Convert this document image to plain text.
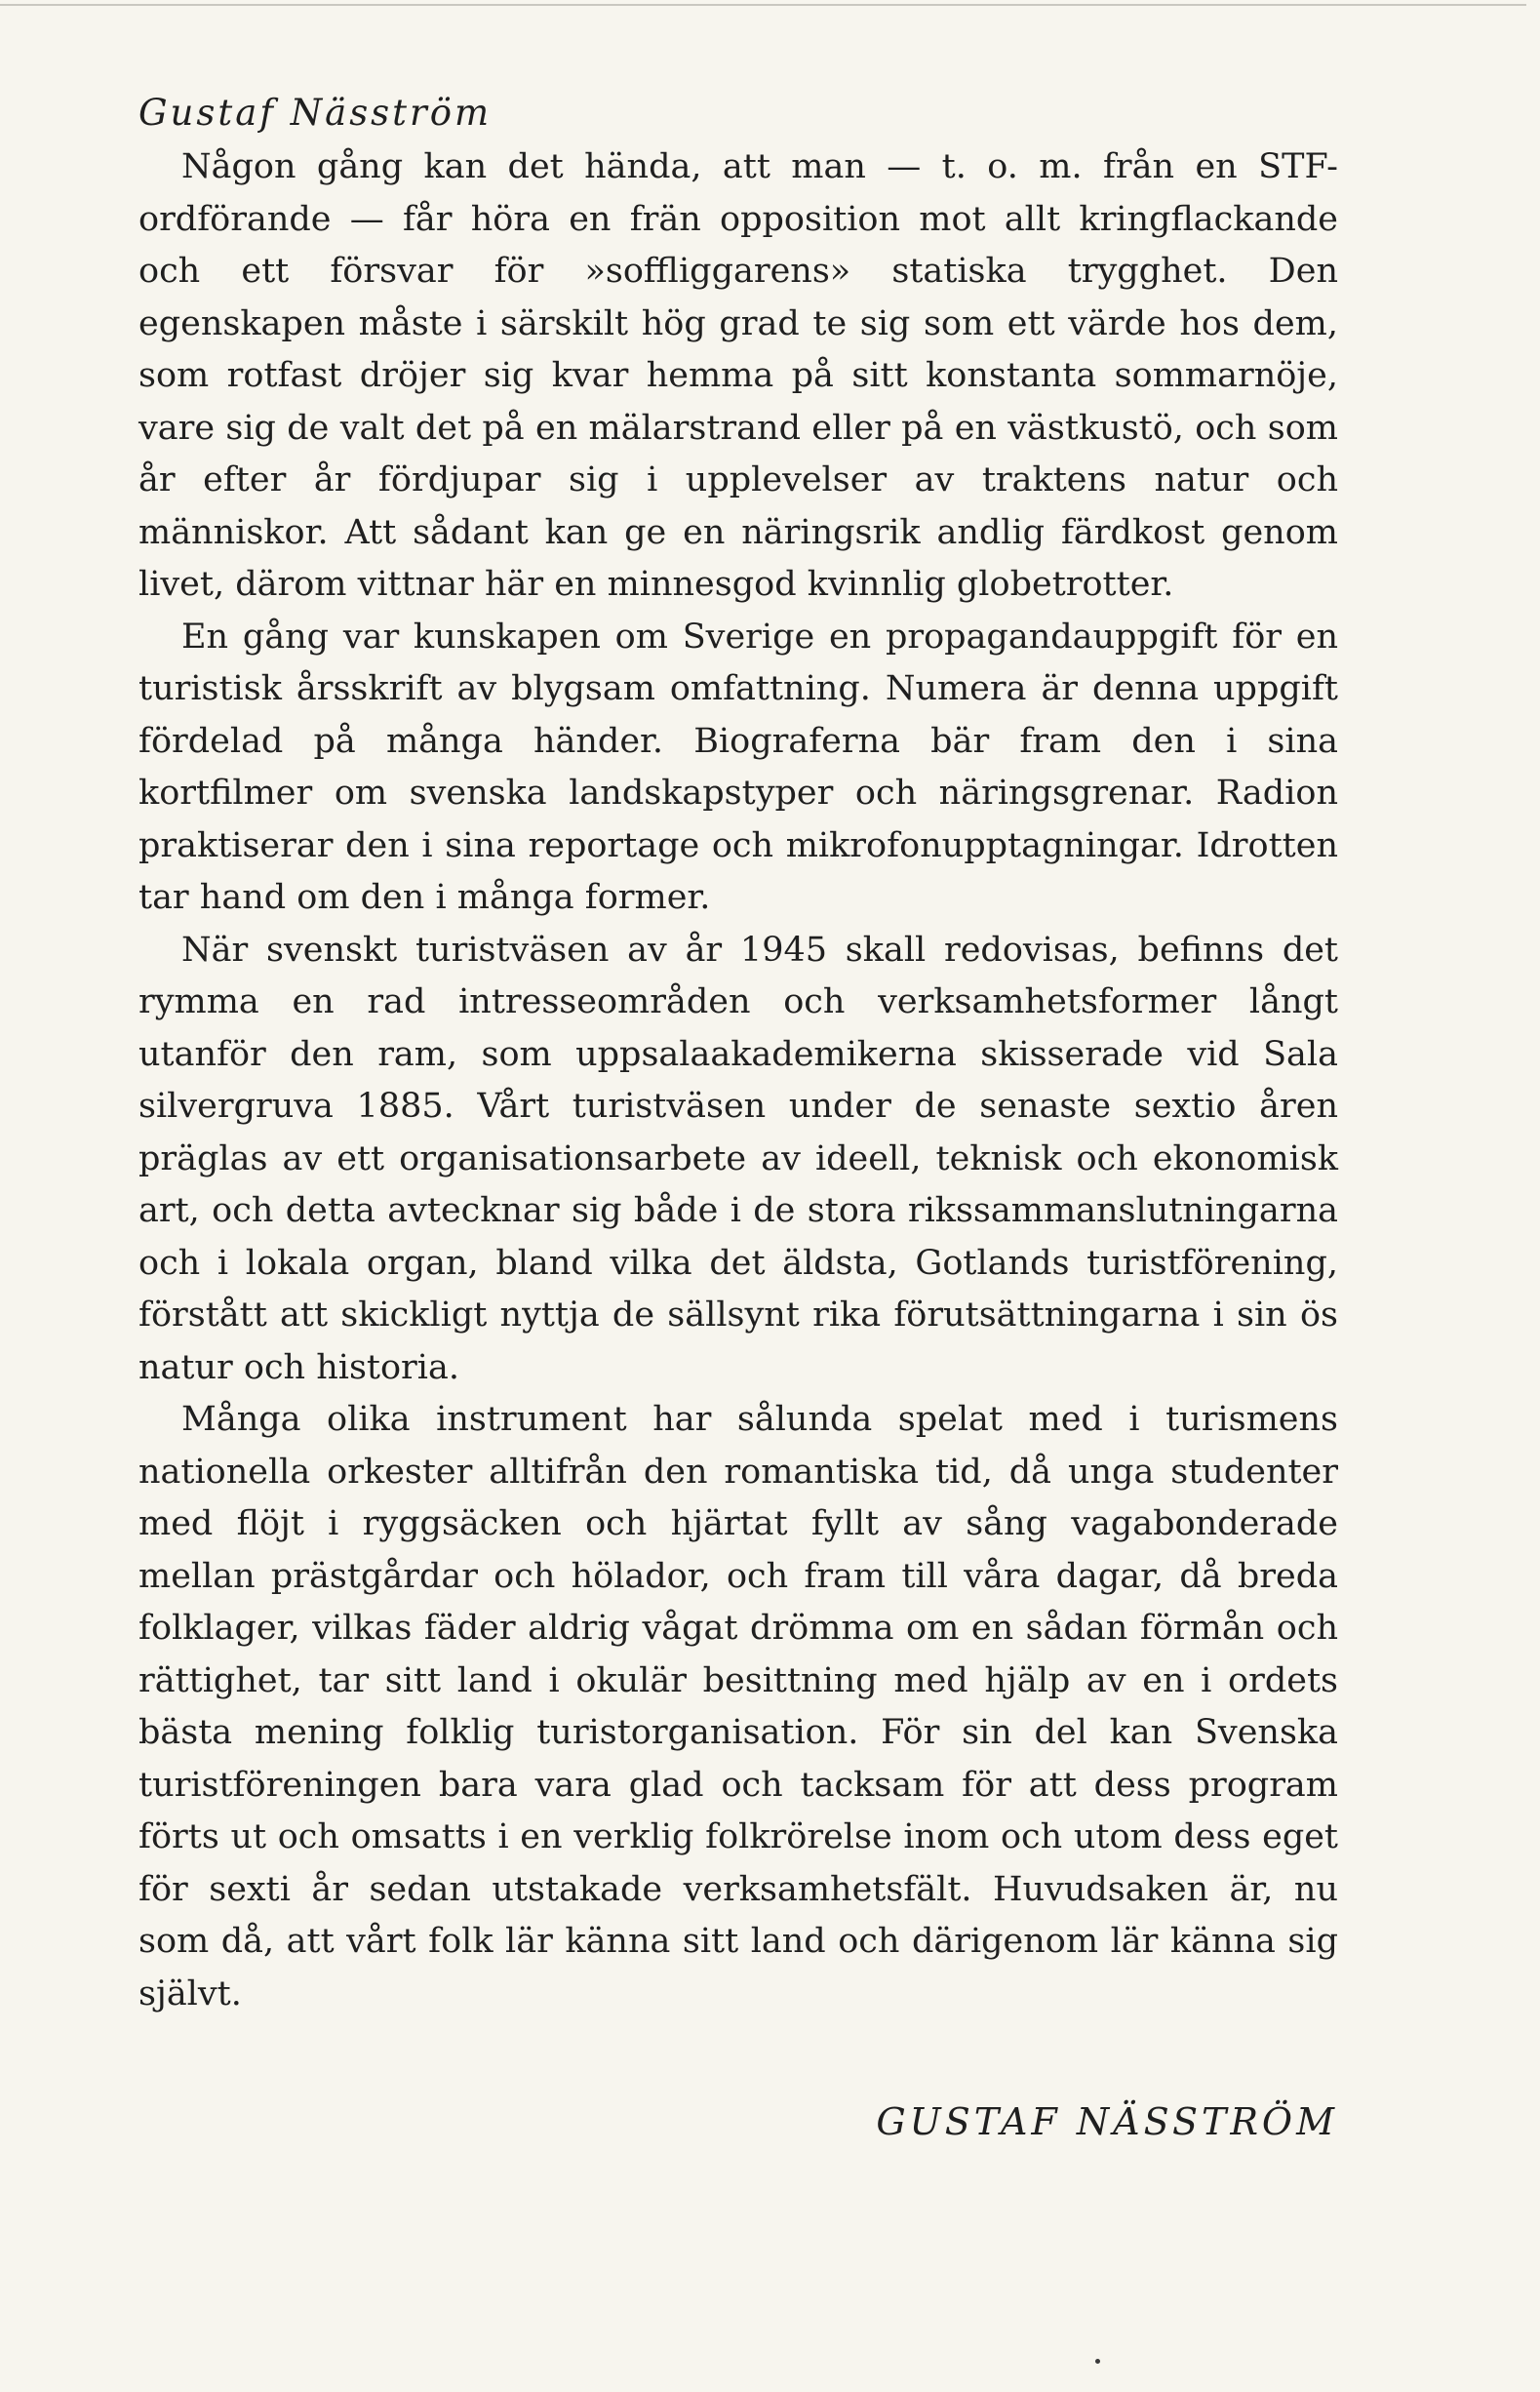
Gustaf Näsström

Någon gång kan det hända, att man — t. o. m. från en STF-ordförande — får höra en frän opposition mot allt kringflackande och ett försvar för »soffliggarens» statiska trygghet. Den egenskapen måste i särskilt hög grad te sig som ett värde hos dem, som rotfast dröjer sig kvar hemma på sitt konstanta sommarnöje, vare sig de valt det på en mälarstrand eller på en västkustö, och som år efter år fördjupar sig i upplevelser av traktens natur och människor. Att sådant kan ge en näringsrik andlig färdkost genom livet, därom vittnar här en minnesgod kvinnlig globetrotter.

En gång var kunskapen om Sverige en propagandauppgift för en turistisk årsskrift av blygsam omfattning. Numera är denna uppgift fördelad på många händer. Biograferna bär fram den i sina kortfilmer om svenska landskapstyper och näringsgrenar. Radion praktiserar den i sina reportage och mikrofonupptagningar. Idrotten tar hand om den i många former.

När svenskt turistväsen av år 1945 skall redovisas, befinns det rymma en rad intresseområden och verksamhetsformer långt utanför den ram, som uppsalaakademikerna skisserade vid Sala silvergruva 1885. Vårt turistväsen under de senaste sextio åren präglas av ett organisationsarbete av ideell, teknisk och ekonomisk art, och detta avtecknar sig både i de stora rikssammanslutningarna och i lokala organ, bland vilka det äldsta, Gotlands turistförening, förstått att skickligt nyttja de sällsynt rika förutsättningarna i sin ös natur och historia.

Många olika instrument har sålunda spelat med i turismens nationella orkester alltifrån den romantiska tid, då unga studenter med flöjt i ryggsäcken och hjärtat fyllt av sång vagabonderade mellan prästgårdar och hölador, och fram till våra dagar, då breda folklager, vilkas fäder aldrig vågat drömma om en sådan förmån och rättighet, tar sitt land i okulär besittning med hjälp av en i ordets bästa mening folklig turistorganisation. För sin del kan Svenska turistföreningen bara vara glad och tacksam för att dess program förts ut och omsatts i en verklig folkrörelse inom och utom dess eget för sexti år sedan utstakade verksamhetsfält. Huvudsaken är, nu som då, att vårt folk lär känna sitt land och därigenom lär känna sig självt.

GUSTAF NÄSSTRÖM
